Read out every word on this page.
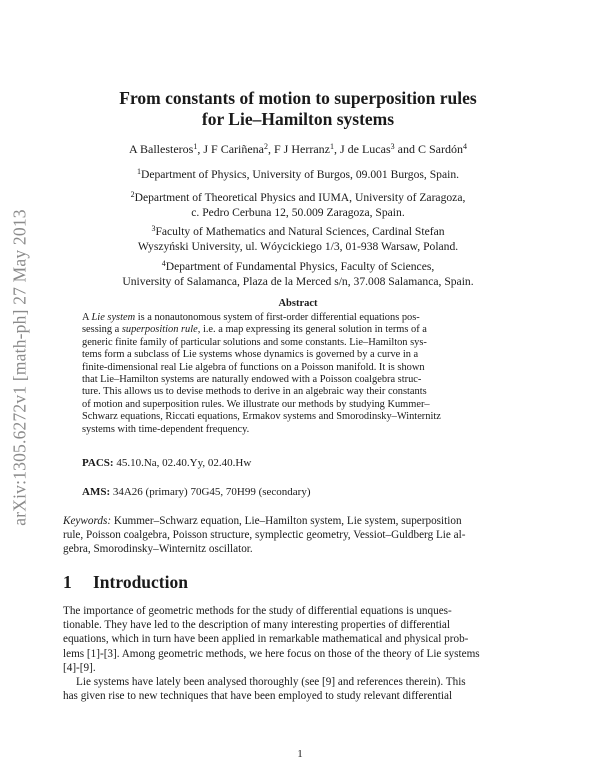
arXiv:1305.6272v1 [math-ph] 27 May 2013
From constants of motion to superposition rules
for Lie–Hamilton systems
A Ballesteros$^1$, J F Cariñena$^2$, F J Herranz$^1$, J de Lucas$^3$ and C Sardón$^4$
$^1$Department of Physics, University of Burgos, 09.001 Burgos, Spain.
$^2$Department of Theoretical Physics and IUMA, University of Zaragoza,
c. Pedro Cerbuna 12, 50.009 Zaragoza, Spain.
$^3$Faculty of Mathematics and Natural Sciences, Cardinal Stefan
Wyszyński University, ul. Wóycickiego 1/3, 01-938 Warsaw, Poland.
$^4$Department of Fundamental Physics, Faculty of Sciences,
University of Salamanca, Plaza de la Merced s/n, 37.008 Salamanca, Spain.
Abstract
A Lie system is a nonautonomous system of first-order differential equations pos-
sessing a superposition rule, i.e. a map expressing its general solution in terms of a
generic finite family of particular solutions and some constants. Lie–Hamilton sys-
tems form a subclass of Lie systems whose dynamics is governed by a curve in a
finite-dimensional real Lie algebra of functions on a Poisson manifold. It is shown
that Lie–Hamilton systems are naturally endowed with a Poisson coalgebra struc-
ture. This allows us to devise methods to derive in an algebraic way their constants
of motion and superposition rules. We illustrate our methods by studying Kummer–
Schwarz equations, Riccati equations, Ermakov systems and Smorodinsky–Winternitz
systems with time-dependent frequency.
PACS: 45.10.Na, 02.40.Yy, 02.40.Hw
AMS: 34A26 (primary) 70G45, 70H99 (secondary)
Keywords: Kummer–Schwarz equation, Lie–Hamilton system, Lie system, superposition
rule, Poisson coalgebra, Poisson structure, symplectic geometry, Vessiot–Guldberg Lie al-
gebra, Smorodinsky–Winternitz oscillator.
1 Introduction
The importance of geometric methods for the study of differential equations is unques-
tionable. They have led to the description of many interesting properties of differential
equations, which in turn have been applied in remarkable mathematical and physical prob-
lems [1]-[3]. Among geometric methods, we here focus on those of the theory of Lie systems
[4]-[9].
Lie systems have lately been analysed thoroughly (see [9] and references therein). This
has given rise to new techniques that have been employed to study relevant differential
1
